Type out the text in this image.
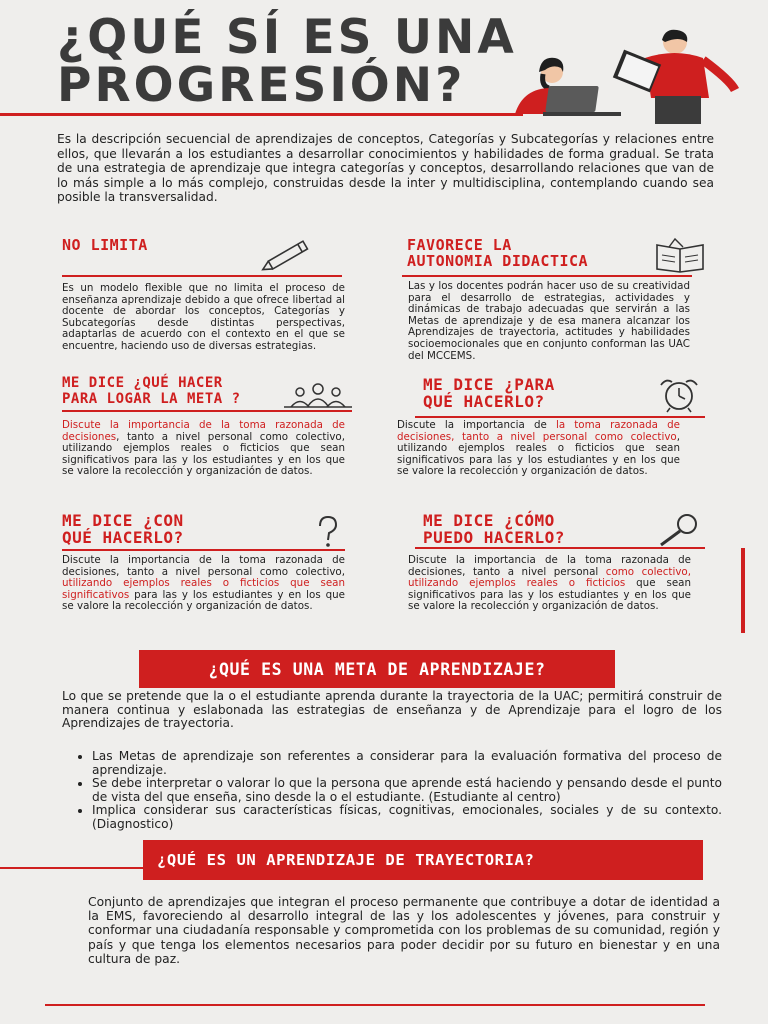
¿QUÉ SÍ ES UNA
PROGRESIÓN?
Es la descripción secuencial de aprendizajes de conceptos, Categorías y Subcategorías y relaciones entre ellos, que llevarán a los estudiantes a desarrollar conocimientos y habilidades de forma gradual. Se trata de una estrategia de aprendizaje que integra categorías y conceptos, desarrollando relaciones que van de lo más simple a lo más complejo, construidas desde la inter y multidisciplina, contemplando cuando sea posible la transversalidad.
NO LIMITA
Es un modelo flexible que no limita el proceso de enseñanza aprendizaje debido a que ofrece libertad al docente de abordar los conceptos, Categorías y Subcategorías desde distintas perspectivas, adaptarlas de acuerdo con el contexto en el que se encuentre, haciendo uso de diversas estrategias.
FAVORECE LA
AUTONOMIA DIDACTICA
Las y los docentes podrán hacer uso de su creatividad para el desarrollo de estrategias, actividades y dinámicas de trabajo adecuadas que servirán a las Metas de aprendizaje y de esa manera alcanzar los Aprendizajes de trayectoria, actitudes y habilidades socioemocionales que en conjunto conforman las UAC del MCCEMS.
ME DICE ¿QUÉ HACER
PARA LOGAR LA META ?
Discute la importancia de la toma razonada de decisiones, tanto a nivel personal como colectivo, utilizando ejemplos reales o ficticios que sean significativos para las y los estudiantes y en los que se valore la recolección y organización de datos.
ME DICE ¿PARA
QUÉ HACERLO?
Discute la importancia de la toma razonada de decisiones, tanto a nivel personal como colectivo, utilizando ejemplos reales o ficticios que sean significativos para las y los estudiantes y en los que se valore la recolección y organización de datos.
ME DICE ¿CON
QUÉ HACERLO?
Discute la importancia de la toma razonada de decisiones, tanto a nivel personal como colectivo, utilizando ejemplos reales o ficticios que sean significativos para las y los estudiantes y en los que se valore la recolección y organización de datos.
ME DICE ¿CÓMO
PUEDO HACERLO?
Discute la importancia de la toma razonada de decisiones, tanto a nivel personal como colectivo, utilizando ejemplos reales o ficticios que sean significativos para las y los estudiantes y en los que se valore la recolección y organización de datos.
¿QUÉ ES UNA META DE APRENDIZAJE?
Lo que se pretende que la o el estudiante aprenda durante la trayectoria de la UAC; permitirá construir de manera continua y eslabonada las estrategias de enseñanza y de Aprendizaje para el logro de los Aprendizajes de trayectoria.
• Las Metas de aprendizaje son referentes a considerar para la evaluación formativa del proceso de aprendizaje.
• Se debe interpretar o valorar lo que la persona que aprende está haciendo y pensando desde el punto de vista del que enseña, sino desde la o el estudiante. (Estudiante al centro)
• Implica considerar sus características físicas, cognitivas, emocionales, sociales y de su contexto. (Diagnostico)
¿QUÉ ES UN APRENDIZAJE DE TRAYECTORIA?
Conjunto de aprendizajes que integran el proceso permanente que contribuye a dotar de identidad a la EMS, favoreciendo al desarrollo integral de las y los adolescentes y jóvenes, para construir y conformar una ciudadanía responsable y comprometida con los problemas de su comunidad, región y país y que tenga los elementos necesarios para poder decidir por su futuro en bienestar y en una cultura de paz.
